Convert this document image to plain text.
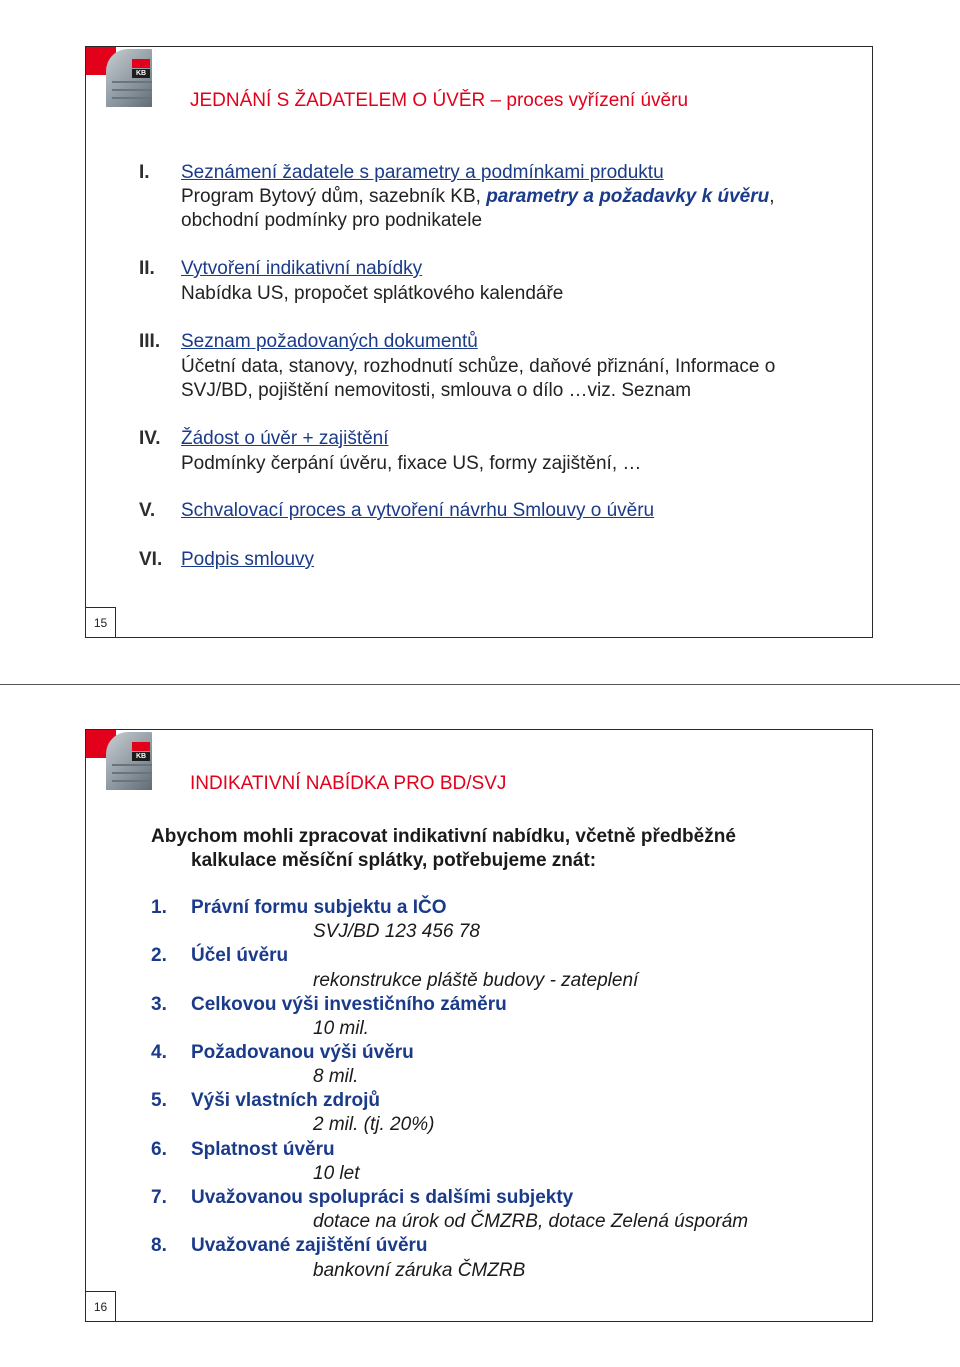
KB
JEDNÁNÍ S ŽADATELEM O ÚVĚR – proces vyřízení úvěru
I. Seznámení žadatele s parametry a podmínkami produktu
Program Bytový dům, sazebník KB, parametry a požadavky k úvěru,
obchodní podmínky pro podnikatele
II. Vytvoření indikativní nabídky
Nabídka US, propočet splátkového kalendáře
III. Seznam požadovaných dokumentů
Účetní data, stanovy, rozhodnutí schůze, daňové přiznání, Informace o
SVJ/BD, pojištění nemovitosti, smlouva o dílo …viz. Seznam
IV. Žádost o úvěr + zajištění
Podmínky čerpání úvěru, fixace US, formy zajištění, …
V. Schvalovací proces a vytvoření návrhu Smlouvy o úvěru
VI. Podpis smlouvy
15
KB
INDIKATIVNÍ NABÍDKA PRO BD/SVJ
Abychom mohli zpracovat indikativní nabídku, včetně předběžné
kalkulace měsíční splátky, potřebujeme znát:
1. Právní formu subjektu a IČO
SVJ/BD 123 456 78
2. Účel úvěru
rekonstrukce pláště budovy - zateplení
3. Celkovou výši investičního záměru
10 mil.
4. Požadovanou výši úvěru
8 mil.
5. Výši vlastních zdrojů
2 mil. (tj. 20%)
6. Splatnost úvěru
10 let
7. Uvažovanou spolupráci s dalšími subjekty
dotace na úrok od ČMZRB, dotace Zelená úsporám
8. Uvažované zajištění úvěru
bankovní záruka ČMZRB
16
